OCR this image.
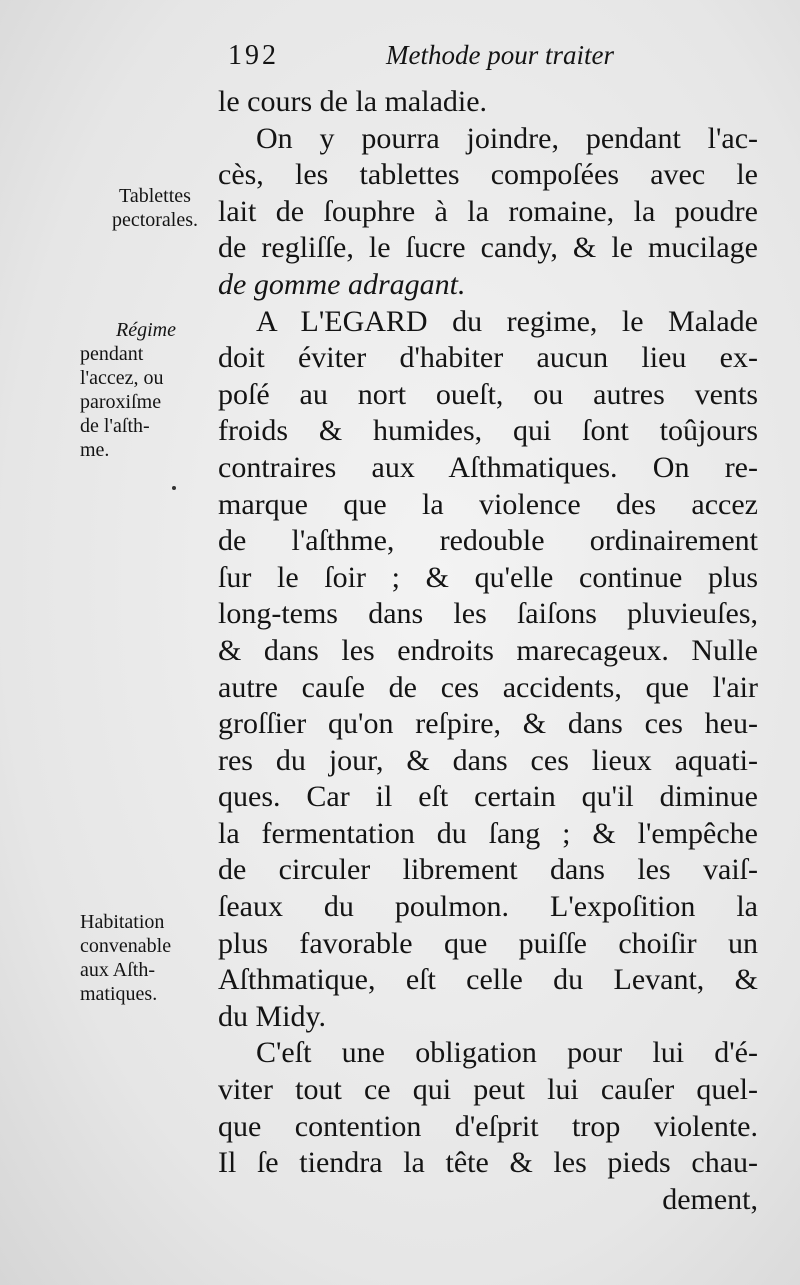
192	Methode pour traiter
Tablettes
pectorales.
Régime
pendant
l'accez, ou
paroxiſme
de l'aſth-
me.
Habitation
convenable
aux Aſth-
matiques.
le cours de la maladie.
On y pourra joindre, pendant l'ac-
cès, les tablettes compoſées avec le
lait de ſouphre à la romaine, la poudre
de regliſſe, le ſucre candy, & le mucilage
de gomme adragant.
A L'EGARD du regime, le Malade
doit éviter d'habiter aucun lieu ex-
poſé au nort oueſt, ou autres vents
froids & humides, qui ſont toûjours
contraires aux Aſthmatiques. On re-
marque que la violence des accez
de l'aſthme, redouble ordinairement
ſur le ſoir ; & qu'elle continue plus
long-tems dans les ſaiſons pluvieuſes,
& dans les endroits marecageux. Nulle
autre cauſe de ces accidents, que l'air
groſſier qu'on reſpire, & dans ces heu-
res du jour, & dans ces lieux aquati-
ques. Car il eſt certain qu'il diminue
la fermentation du ſang ; & l'empêche
de circuler librement dans les vaiſ-
ſeaux du poulmon. L'expoſition la
plus favorable que puiſſe choiſir un
Aſthmatique, eſt celle du Levant, &
du Midy.
C'eſt une obligation pour lui d'é-
viter tout ce qui peut lui cauſer quel-
que contention d'eſprit trop violente.
Il ſe tiendra la tête & les pieds chau-
dement,
